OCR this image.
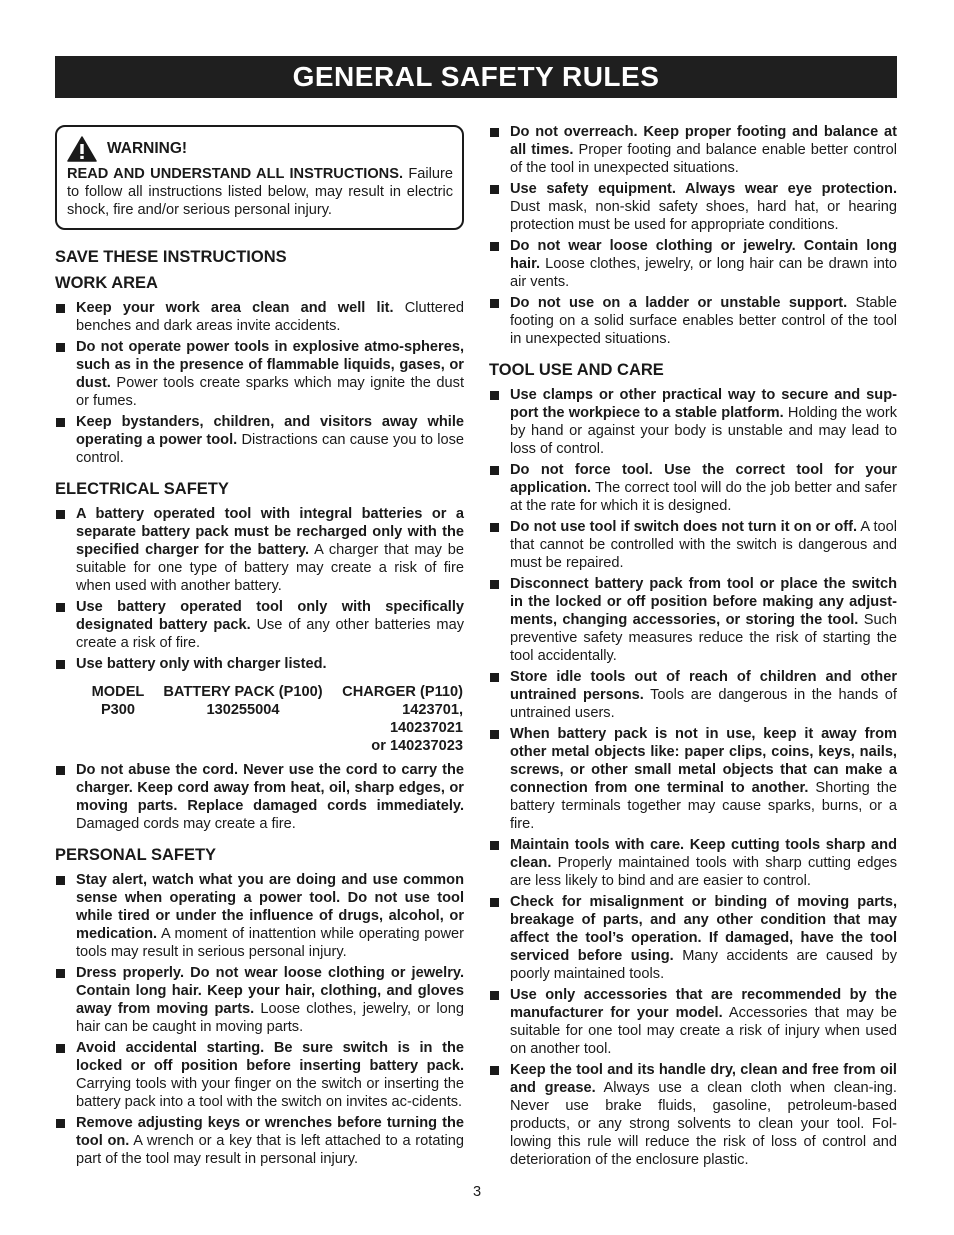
GENERAL SAFETY RULES
WARNING!
READ AND UNDERSTAND ALL INSTRUCTIONS. Failure to follow all instructions listed below, may result in electric shock, fire and/or serious personal injury.
SAVE THESE INSTRUCTIONS
WORK AREA
Keep your work area clean and well lit. Cluttered benches and dark areas invite accidents.
Do not operate power tools in explosive atmo-spheres, such as in the presence of flammable liquids, gases, or dust. Power tools create sparks which may ignite the dust or fumes.
Keep bystanders, children, and visitors away while operating a power tool. Distractions can cause you to lose control.
ELECTRICAL SAFETY
A battery operated tool with integral batteries or a separate battery pack must be recharged only with the specified charger for the battery. A charger that may be suitable for one type of battery may create a risk of fire when used with another battery.
Use battery operated tool only with specifically designated battery pack. Use of any other batteries may create a risk of fire.
Use battery only with charger listed.
MODEL	BATTERY PACK (P100)	CHARGER (P110)
P300	130255004	1423701, 140237021
or 140237023
Do not abuse the cord. Never use the cord to carry the charger. Keep cord away from heat, oil, sharp edges, or moving parts. Replace damaged cords immediately. Damaged cords may create a fire.
PERSONAL SAFETY
Stay alert, watch what you are doing and use common sense when operating a power tool. Do not use tool while tired or under the influence of drugs, alcohol, or medication. A moment of inattention while operating power tools may result in serious personal injury.
Dress properly. Do not wear loose clothing or jewelry. Contain long hair. Keep your hair, clothing, and gloves away from moving parts. Loose clothes, jewelry, or long hair can be caught in moving parts.
Avoid accidental starting. Be sure switch is in the locked or off position before inserting battery pack. Carrying tools with your finger on the switch or inserting the battery pack into a tool with the switch on invites ac-cidents.
Remove adjusting keys or wrenches before turning the tool on. A wrench or a key that is left attached to a rotating part of the tool may result in personal injury.
Do not overreach. Keep proper footing and balance at all times. Proper footing and balance enable better control of the tool in unexpected situations.
Use safety equipment. Always wear eye protection. Dust mask, non-skid safety shoes, hard hat, or hearing protection must be used for appropriate conditions.
Do not wear loose clothing or jewelry. Contain long hair. Loose clothes, jewelry, or long hair can be drawn into air vents.
Do not use on a ladder or unstable support. Stable footing on a solid surface enables better control of the tool in unexpected situations.
TOOL USE AND CARE
Use clamps or other practical way to secure and sup-port the workpiece to a stable platform. Holding the work by hand or against your body is unstable and may lead to loss of control.
Do not force tool. Use the correct tool for your application. The correct tool will do the job better and safer at the rate for which it is designed.
Do not use tool if switch does not turn it on or off. A tool that cannot be controlled with the switch is dangerous and must be repaired.
Disconnect battery pack from tool or place the switch in the locked or off position before making any adjust-ments, changing accessories, or storing the tool. Such preventive safety measures reduce the risk of starting the tool accidentally.
Store idle tools out of reach of children and other untrained persons. Tools are dangerous in the hands of untrained users.
When battery pack is not in use, keep it away from other metal objects like: paper clips, coins, keys, nails, screws, or other small metal objects that can make a connection from one terminal to another. Shorting the battery terminals together may cause sparks, burns, or a fire.
Maintain tools with care. Keep cutting tools sharp and clean. Properly maintained tools with sharp cutting edges are less likely to bind and are easier to control.
Check for misalignment or binding of moving parts, breakage of parts, and any other condition that may affect the tool’s operation. If damaged, have the tool serviced before using. Many accidents are caused by poorly maintained tools.
Use only accessories that are recommended by the manufacturer for your model. Accessories that may be suitable for one tool may create a risk of injury when used on another tool.
Keep the tool and its handle dry, clean and free from oil and grease. Always use a clean cloth when clean-ing. Never use brake fluids, gasoline, petroleum-based products, or any strong solvents to clean your tool. Fol-lowing this rule will reduce the risk of loss of control and deterioration of the enclosure plastic.
3
